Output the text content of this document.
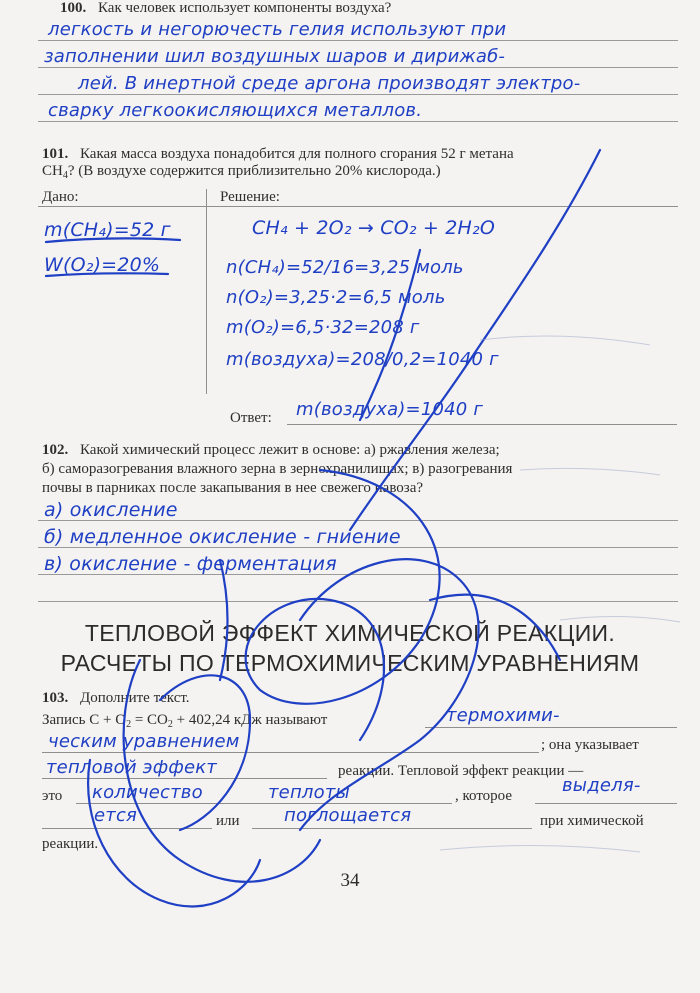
100. Как человек использует компоненты воздуха?
легкость и негорючесть гелия используют при
заполнении шил воздушных шаров и дирижаб-
лей. В инертной среде аргона производят электро-
сварку легкоокисляющихся металлов.
101. Какая масса воздуха понадобится для полного сгорания 52 г метана
$CH_4$? (В воздухе содержится приблизительно 20% кислорода.)
Дано:	Решение:
m(CH₄)=52 г
W(O₂)=20%
CH₄ + 2O₂ → CO₂ + 2H₂O
n(CH₄)=52/16=3,25 моль
n(O₂)=3,25·2=6,5 моль
m(O₂)=6,5·32=208 г
m(воздуха)=208/0,2=1040 г
Ответ: m(воздуха)=1040 г
102. Какой химический процесс лежит в основе: а) ржавления железа;
б) саморазогревания влажного зерна в зернохранилищах; в) разогревания
почвы в парниках после закапывания в нее свежего навоза?
а) окисление
б) медленное окисление - гниение
в) окисление - ферментация
ТЕПЛОВОЙ ЭФФЕКТ ХИМИЧЕСКОЙ РЕАКЦИИ.
РАСЧЕТЫ ПО ТЕРМОХИМИЧЕСКИМ УРАВНЕНИЯМ
103. Дополните текст.
Запись $C + O_2 = CO_2 + 402,24$ кДж называют	термохими-
ческим уравнением	; она указывает
тепловой эффект	реакции. Тепловой эффект реакции —
это количество	теплоты	, которое	выделя-
ется	или поглощается	при химической
реакции.
34
